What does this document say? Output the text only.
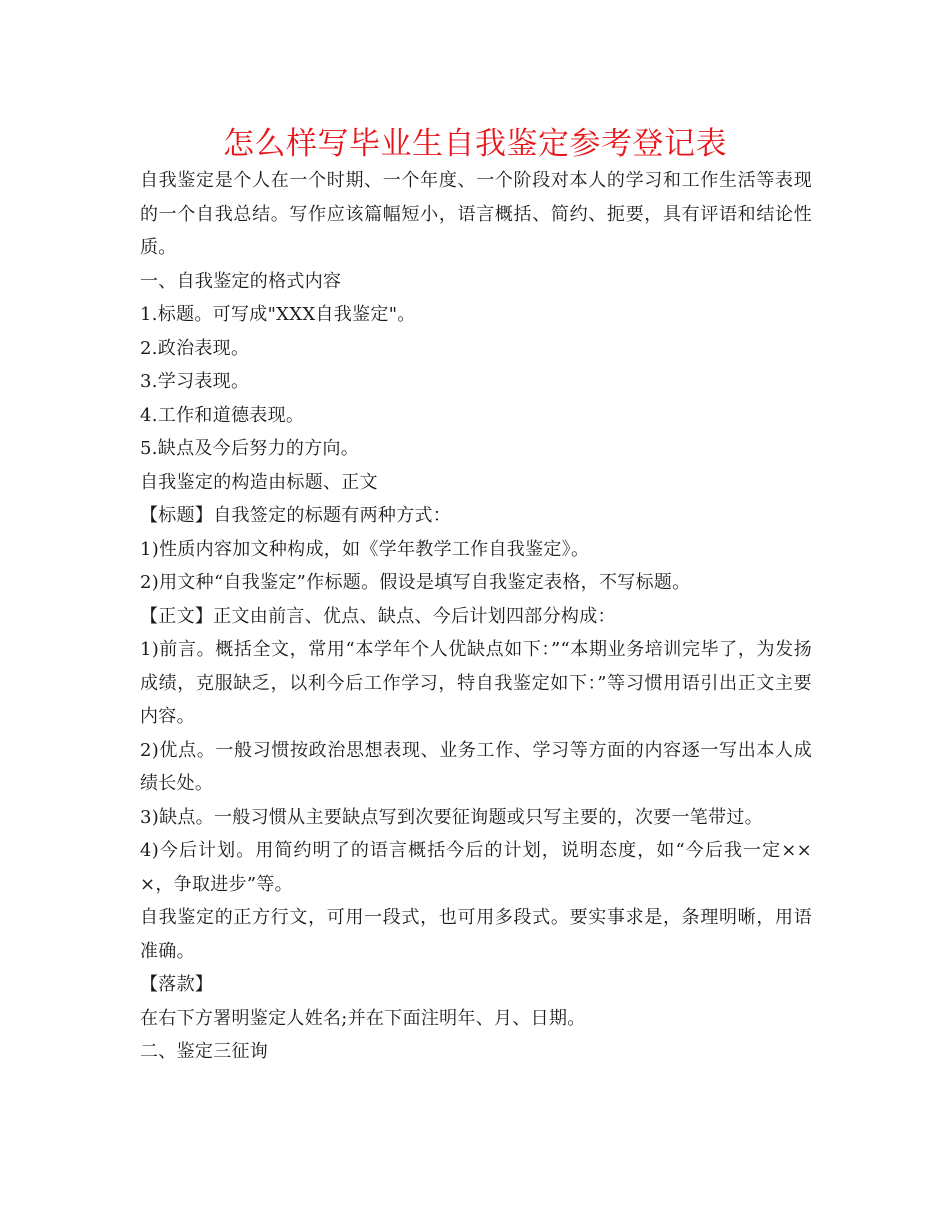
怎么样写毕业生自我鉴定参考登记表

自我鉴定是个人在一个时期、一个年度、一个阶段对本人的学习和工作生活等表现的一个自我总结。写作应该篇幅短小，语言概括、简约、扼要，具有评语和结论性质。

一、自我鉴定的格式内容

1.标题。可写成"XXX自我鉴定"。

2.政治表现。

3.学习表现。

4.工作和道德表现。

5.缺点及今后努力的方向。

自我鉴定的构造由标题、正文

【标题】自我签定的标题有两种方式：

1)性质内容加文种构成，如《学年教学工作自我鉴定》。

2)用文种“自我鉴定”作标题。假设是填写自我鉴定表格，不写标题。

【正文】正文由前言、优点、缺点、今后计划四部分构成：

1)前言。概括全文，常用“本学年个人优缺点如下：”“本期业务培训完毕了，为发扬成绩，克服缺乏，以利今后工作学习，特自我鉴定如下：”等习惯用语引出正文主要内容。

2)优点。一般习惯按政治思想表现、业务工作、学习等方面的内容逐一写出本人成绩长处。

3)缺点。一般习惯从主要缺点写到次要征询题或只写主要的，次要一笔带过。

4)今后计划。用简约明了的语言概括今后的计划，说明态度，如“今后我一定×××，争取进步”等。

自我鉴定的正方行文，可用一段式，也可用多段式。要实事求是，条理明晰，用语准确。

【落款】

在右下方署明鉴定人姓名;并在下面注明年、月、日期。

二、鉴定三征询
